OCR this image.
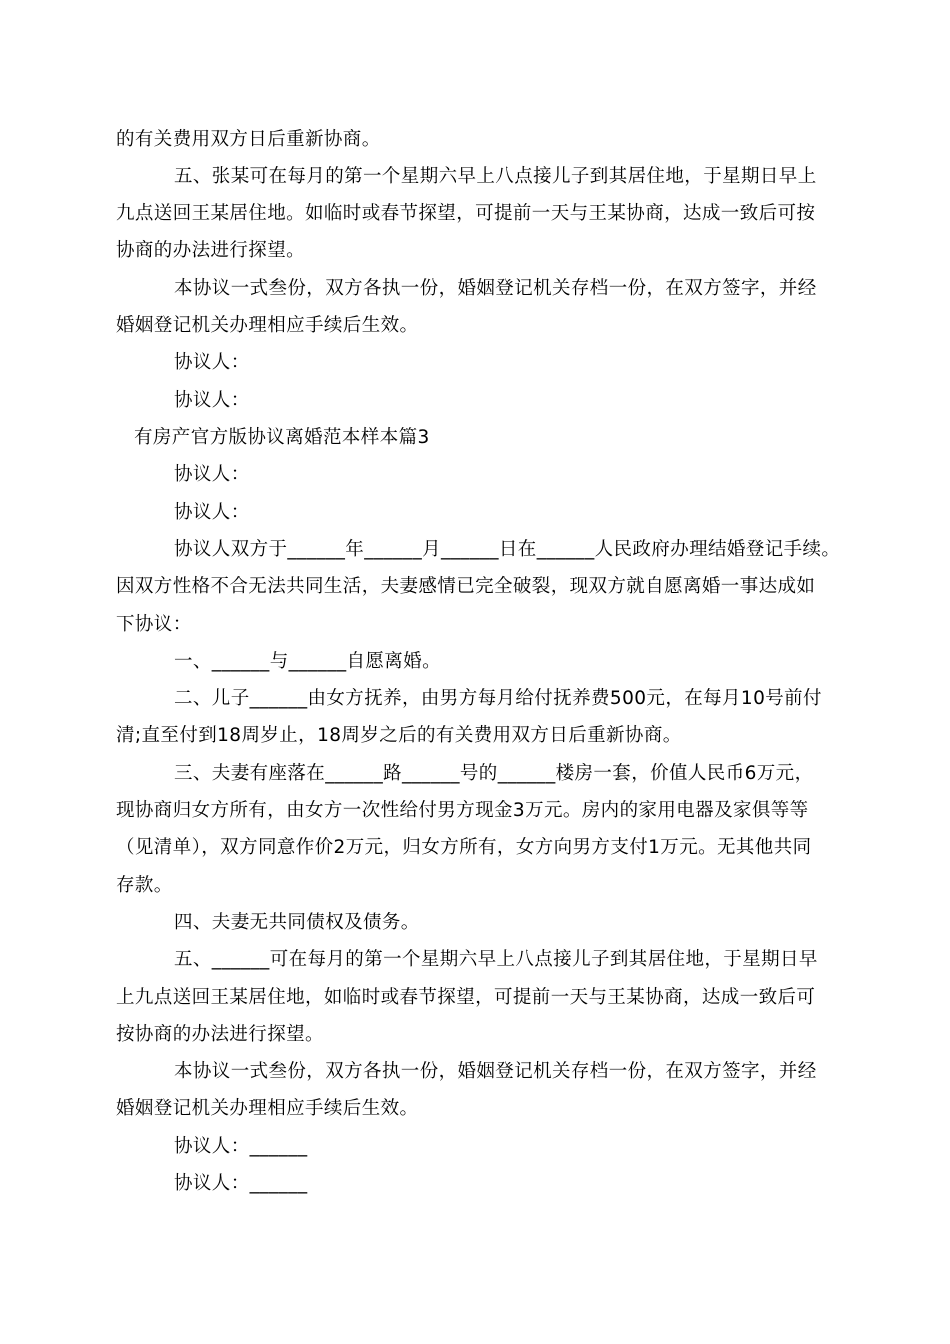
的有关费用双方日后重新协商。
五、张某可在每月的第一个星期六早上八点接儿子到其居住地，于星期日早上
九点送回王某居住地。如临时或春节探望，可提前一天与王某协商，达成一致后可按
协商的办法进行探望。
本协议一式叁份，双方各执一份，婚姻登记机关存档一份，在双方签字，并经
婚姻登记机关办理相应手续后生效。
协议人：
协议人：
有房产官方版协议离婚范本样本篇3
协议人：
协议人：
协议人双方于______年______月______日在______人民政府办理结婚登记手续。
因双方性格不合无法共同生活，夫妻感情已完全破裂，现双方就自愿离婚一事达成如
下协议：
一、______与______自愿离婚。
二、儿子______由女方抚养，由男方每月给付抚养费500元，在每月10号前付
清;直至付到18周岁止，18周岁之后的有关费用双方日后重新协商。
三、夫妻有座落在______路______号的______楼房一套，价值人民币6万元，
现协商归女方所有，由女方一次性给付男方现金3万元。房内的家用电器及家俱等等
（见清单），双方同意作价2万元，归女方所有，女方向男方支付1万元。无其他共同
存款。
四、夫妻无共同债权及债务。
五、______可在每月的第一个星期六早上八点接儿子到其居住地，于星期日早
上九点送回王某居住地，如临时或春节探望，可提前一天与王某协商，达成一致后可
按协商的办法进行探望。
本协议一式叁份，双方各执一份，婚姻登记机关存档一份，在双方签字，并经
婚姻登记机关办理相应手续后生效。
协议人：______
协议人：______
